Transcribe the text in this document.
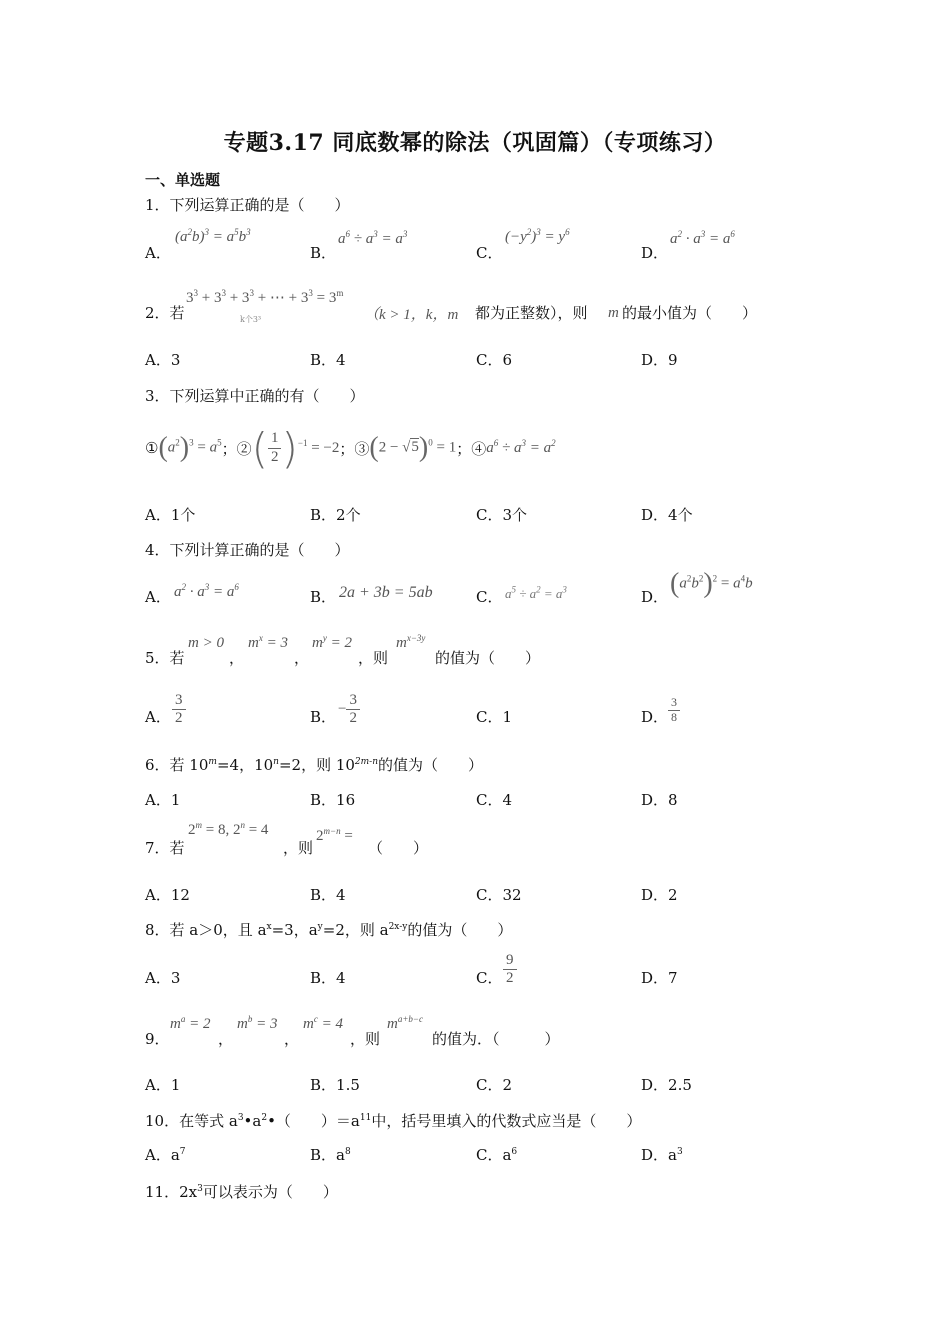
专题3.17 同底数幂的除法（巩固篇）（专项练习）
一、单选题
1．下列运算正确的是（　　）
A．
$(a^2b)^3 = a^5b^3$
B．
$a^6 \div a^3 = a^3$
C．
$(-y^2)^3 = y^6$
D．
$a^2 \cdot a^3 = a^6$
2．若
$3^3 + 3^3 + 3^3$ + ⋯ + $3^3 = 3^m$
k个3³	（k > 1，k，m 都为正整数），则 m 的最小值为（　　）
A．3	B．4	C．6	D．9
3．下列运算中正确的有（　　）
① $(a^2)^3 = a^5$ ；② ( $\frac{1}{2} )^{-1} = -2$ ；③ $(2 - √5)^0 = 1$ ；④ $a^6 \div a^3 = a^2$
A．1个	B．2个	C．3个	D．4个
4．下列计算正确的是（　　）
A． $a^2 \cdot a^3 = a^6$
B． 2a + 3b = 5ab	C． $a^5 \div a^2 = a^3$	D． $(a^2b^2)^2 = a^4b$
5．若
m > 0
，
$m^x = 3$
，
$m^y = 2$
，则
$m^{x-3y}$
的值为（　　）
A． $\frac{3}{2}$	B． − $\frac{3}{2}$	C．1	D． $\frac{3}{8}$
6．若 $10^m=4$，$10^n=2$，则 $10^{2m-n}$的值为（　　）
A．1	B．16	C．4	D．8
7．若
$2^m = 8$, $2^n = 4$
，则
$2^{m-n}$ =
（　　）
A．12	B．4	C．32	D．2
8．若 a＞0，且 $a^x=3$，$a^y=2$，则 $a^{2x-y}$的值为（　　）
A．3	B．4	C． $\frac{9}{2}$	D．7
9．
$m^a = 2$
，
$m^b = 3$
，
$m^c = 4$
，则
$m^{a+b-c}$
的值为．（　　　）
A．1	B．1.5	C．2	D．2.5
10．在等式 $a^3•a^2•$（　　）$=a^{11}$中，括号里填入的代数式应当是（　　）
A．$a^7$	B．$a^8$	C．$a^6$	D．$a^3$
11．$2x^3$可以表示为（　　）
